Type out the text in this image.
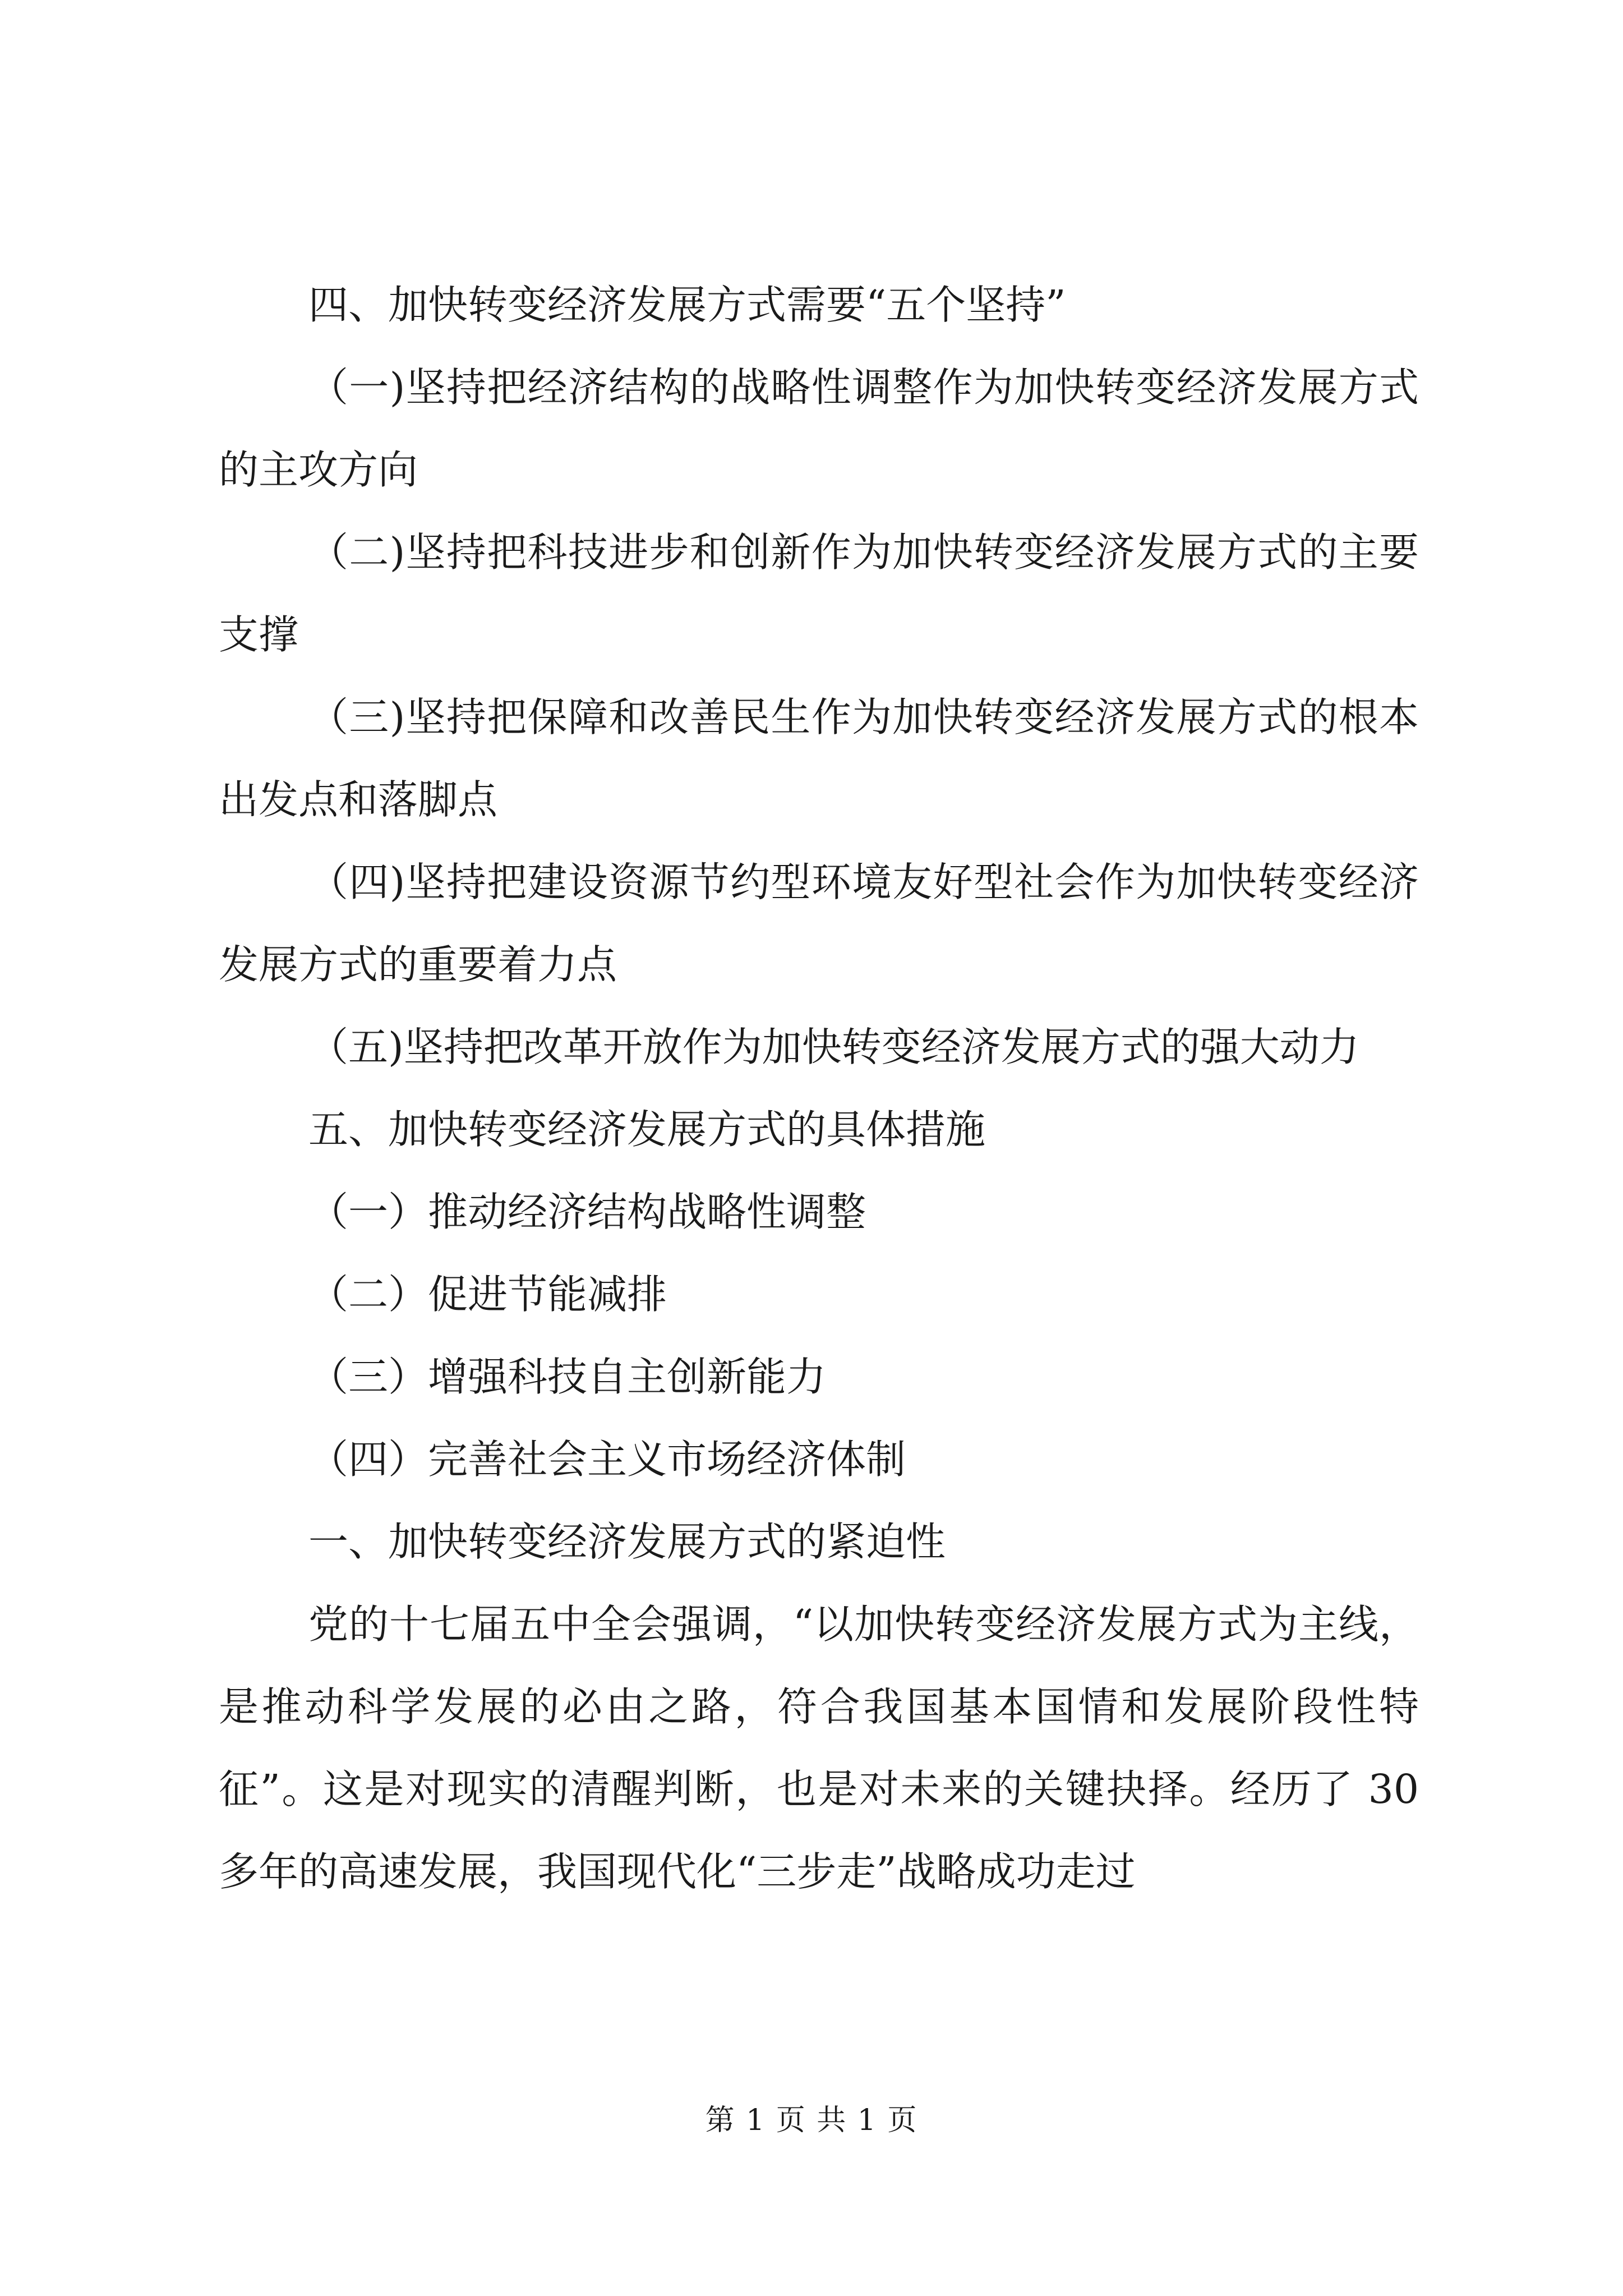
四、加快转变经济发展方式需要“五个坚持”

（一)坚持把经济结构的战略性调整作为加快转变经济发展方式的主攻方向

（二)坚持把科技进步和创新作为加快转变经济发展方式的主要支撑

（三)坚持把保障和改善民生作为加快转变经济发展方式的根本出发点和落脚点

（四)坚持把建设资源节约型环境友好型社会作为加快转变经济发展方式的重要着力点

（五)坚持把改革开放作为加快转变经济发展方式的强大动力

五、加快转变经济发展方式的具体措施

（一）推动经济结构战略性调整

（二）促进节能减排

（三）增强科技自主创新能力

（四）完善社会主义市场经济体制

一、加快转变经济发展方式的紧迫性

党的十七届五中全会强调，“以加快转变经济发展方式为主线，是推动科学发展的必由之路，符合我国基本国情和发展阶段性特征”。这是对现实的清醒判断，也是对未来的关键抉择。经历了 30 多年的高速发展，我国现代化“三步走”战略成功走过

第 1 页 共 1 页
